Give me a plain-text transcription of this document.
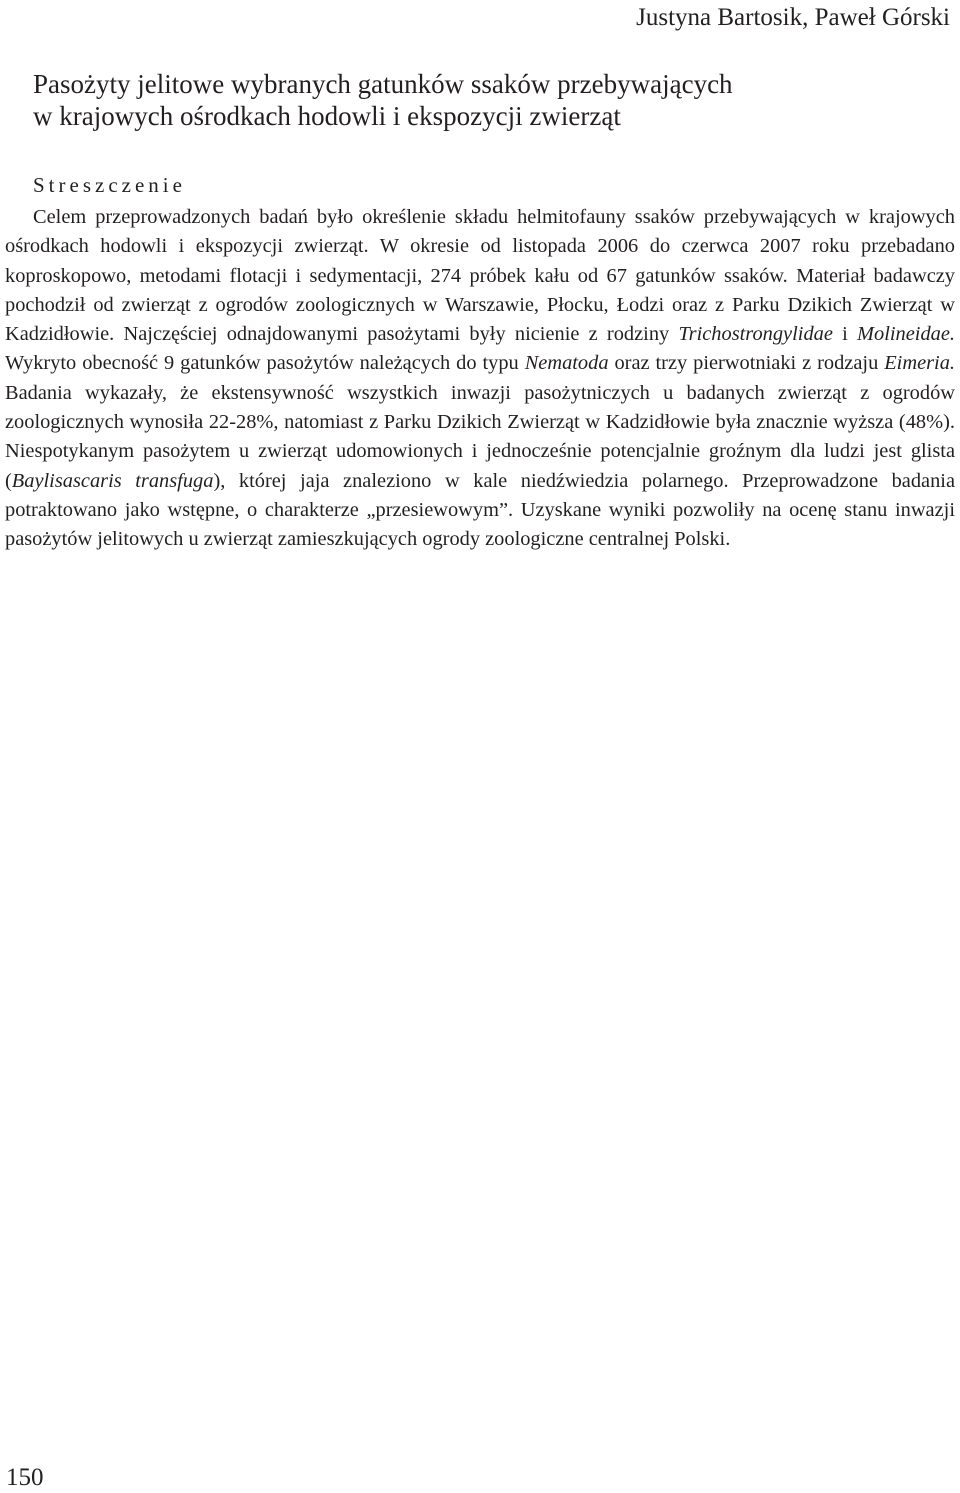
Justyna Bartosik, Paweł Górski
Pasożyty jelitowe wybranych gatunków ssaków przebywających
w krajowych ośrodkach hodowli i ekspozycji zwierząt
Streszczenie

Celem przeprowadzonych badań było określenie składu helmitofauny ssaków przebywających w krajowych ośrodkach hodowli i ekspozycji zwierząt. W okresie od listopada 2006 do czerwca 2007 roku przebadano koproskopowo, metodami flotacji i sedymentacji, 274 próbek kału od 67 gatunków ssaków. Materiał badawczy pochodził od zwierząt z ogrodów zoologicznych w Warszawie, Płocku, Łodzi oraz z Parku Dzikich Zwierząt w Kadzidłowie. Najczęściej odnajdowanymi pasożytami były nicienie z rodziny Trichostrongylidae i Molineidae. Wykryto obecność 9 gatunków pasożytów należących do typu Nematoda oraz trzy pierwotniaki z rodzaju Eimeria. Badania wykazały, że ekstensywność wszystkich inwazji pasożytniczych u badanych zwierząt z ogrodów zoologicznych wynosiła 22-28%, natomiast z Parku Dzikich Zwierząt w Kadzidłowie była znacznie wyższa (48%). Niespotykanym pasożytem u zwierząt udomowionych i jednocześnie potencjalnie groźnym dla ludzi jest glista (Baylisascaris transfuga), której jaja znaleziono w kale niedźwiedzia polarnego. Przeprowadzone badania potraktowano jako wstępne, o charakterze „przesiewowym”. Uzyskane wyniki pozwoliły na ocenę stanu inwazji pasożytów jelitowych u zwierząt zamieszkujących ogrody zoologiczne centralnej Polski.

150
